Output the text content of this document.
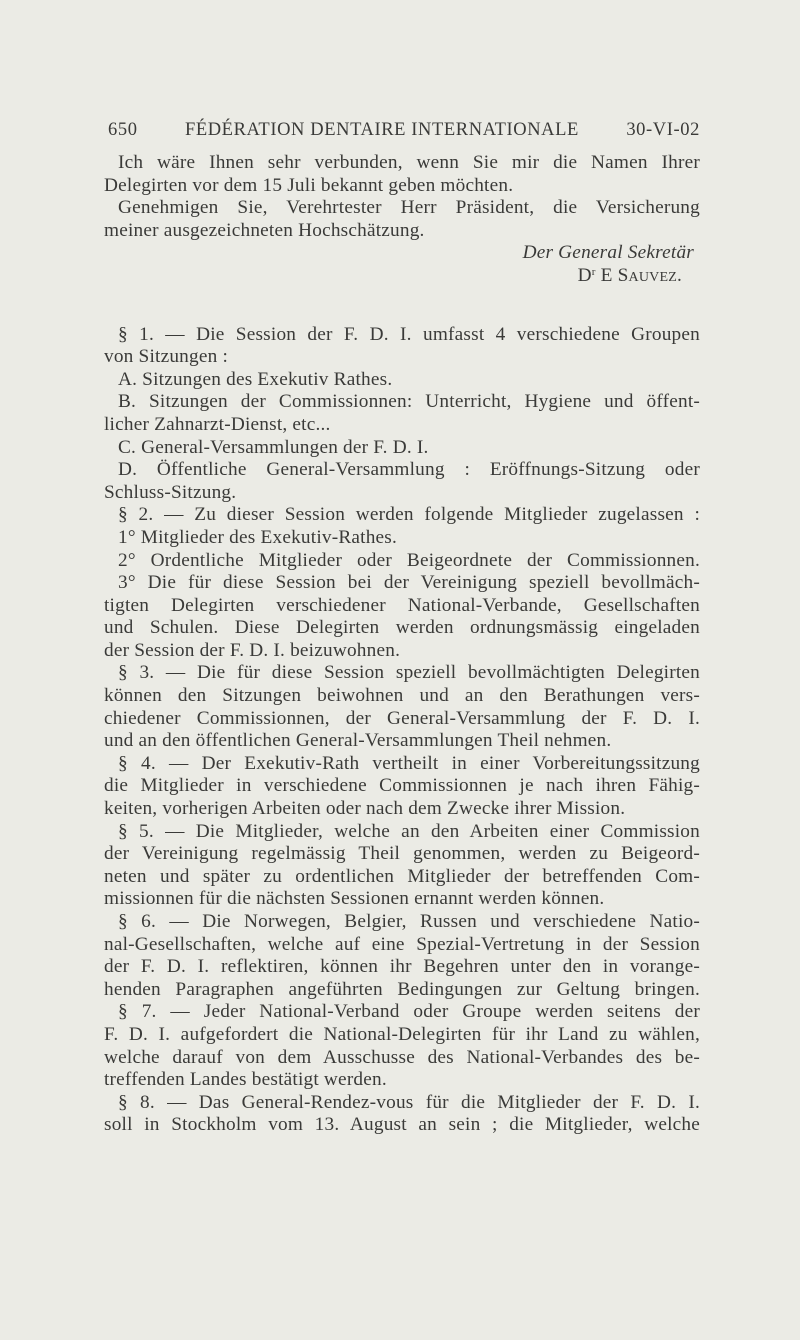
650	FÉDÉRATION DENTAIRE INTERNATIONALE	30-VI-02
Ich wäre Ihnen sehr verbunden, wenn Sie mir die Namen Ihrer
Delegirten vor dem 15 Juli bekannt geben möchten.
Genehmigen Sie, Verehrtester Herr Präsident, die Versicherung
meiner ausgezeichneten Hochschätzung.
Der General Sekretär
$D^r$ E Sauvez.
§ 1. — Die Session der F. D. I. umfasst 4 verschiedene Groupen
von Sitzungen :
A. Sitzungen des Exekutiv Rathes.
B. Sitzungen der Commissionnen: Unterricht, Hygiene und öffent-
licher Zahnarzt-Dienst, etc...
C. General-Versammlungen der F. D. I.
D. Öffentliche General-Versammlung : Eröffnungs-Sitzung oder
Schluss-Sitzung.
§ 2. — Zu dieser Session werden folgende Mitglieder zugelassen :
1° Mitglieder des Exekutiv-Rathes.
2° Ordentliche Mitglieder oder Beigeordnete der Commissionnen.
3° Die für diese Session bei der Vereinigung speziell bevollmäch-
tigten Delegirten verschiedener National-Verbande, Gesellschaften
und Schulen. Diese Delegirten werden ordnungsmässig eingeladen
der Session der F. D. I. beizuwohnen.
§ 3. — Die für diese Session speziell bevollmächtigten Delegirten
können den Sitzungen beiwohnen und an den Berathungen vers-
chiedener Commissionnen, der General-Versammlung der F. D. I.
und an den öffentlichen General-Versammlungen Theil nehmen.
§ 4. — Der Exekutiv-Rath vertheilt in einer Vorbereitungssitzung
die Mitglieder in verschiedene Commissionnen je nach ihren Fähig-
keiten, vorherigen Arbeiten oder nach dem Zwecke ihrer Mission.
§ 5. — Die Mitglieder, welche an den Arbeiten einer Commission
der Vereinigung regelmässig Theil genommen, werden zu Beigeord-
neten und später zu ordentlichen Mitglieder der betreffenden Com-
missionnen für die nächsten Sessionen ernannt werden können.
§ 6. — Die Norwegen, Belgier, Russen und verschiedene Natio-
nal-Gesellschaften, welche auf eine Spezial-Vertretung in der Session
der F. D. I. reflektiren, können ihr Begehren unter den in vorange-
henden Paragraphen angeführten Bedingungen zur Geltung bringen.
§ 7. — Jeder National-Verband oder Groupe werden seitens der
F. D. I. aufgefordert die National-Delegirten für ihr Land zu wählen,
welche darauf von dem Ausschusse des National-Verbandes des be-
treffenden Landes bestätigt werden.
§ 8. — Das General-Rendez-vous für die Mitglieder der F. D. I.
soll in Stockholm vom 13. August an sein ; die Mitglieder, welche
